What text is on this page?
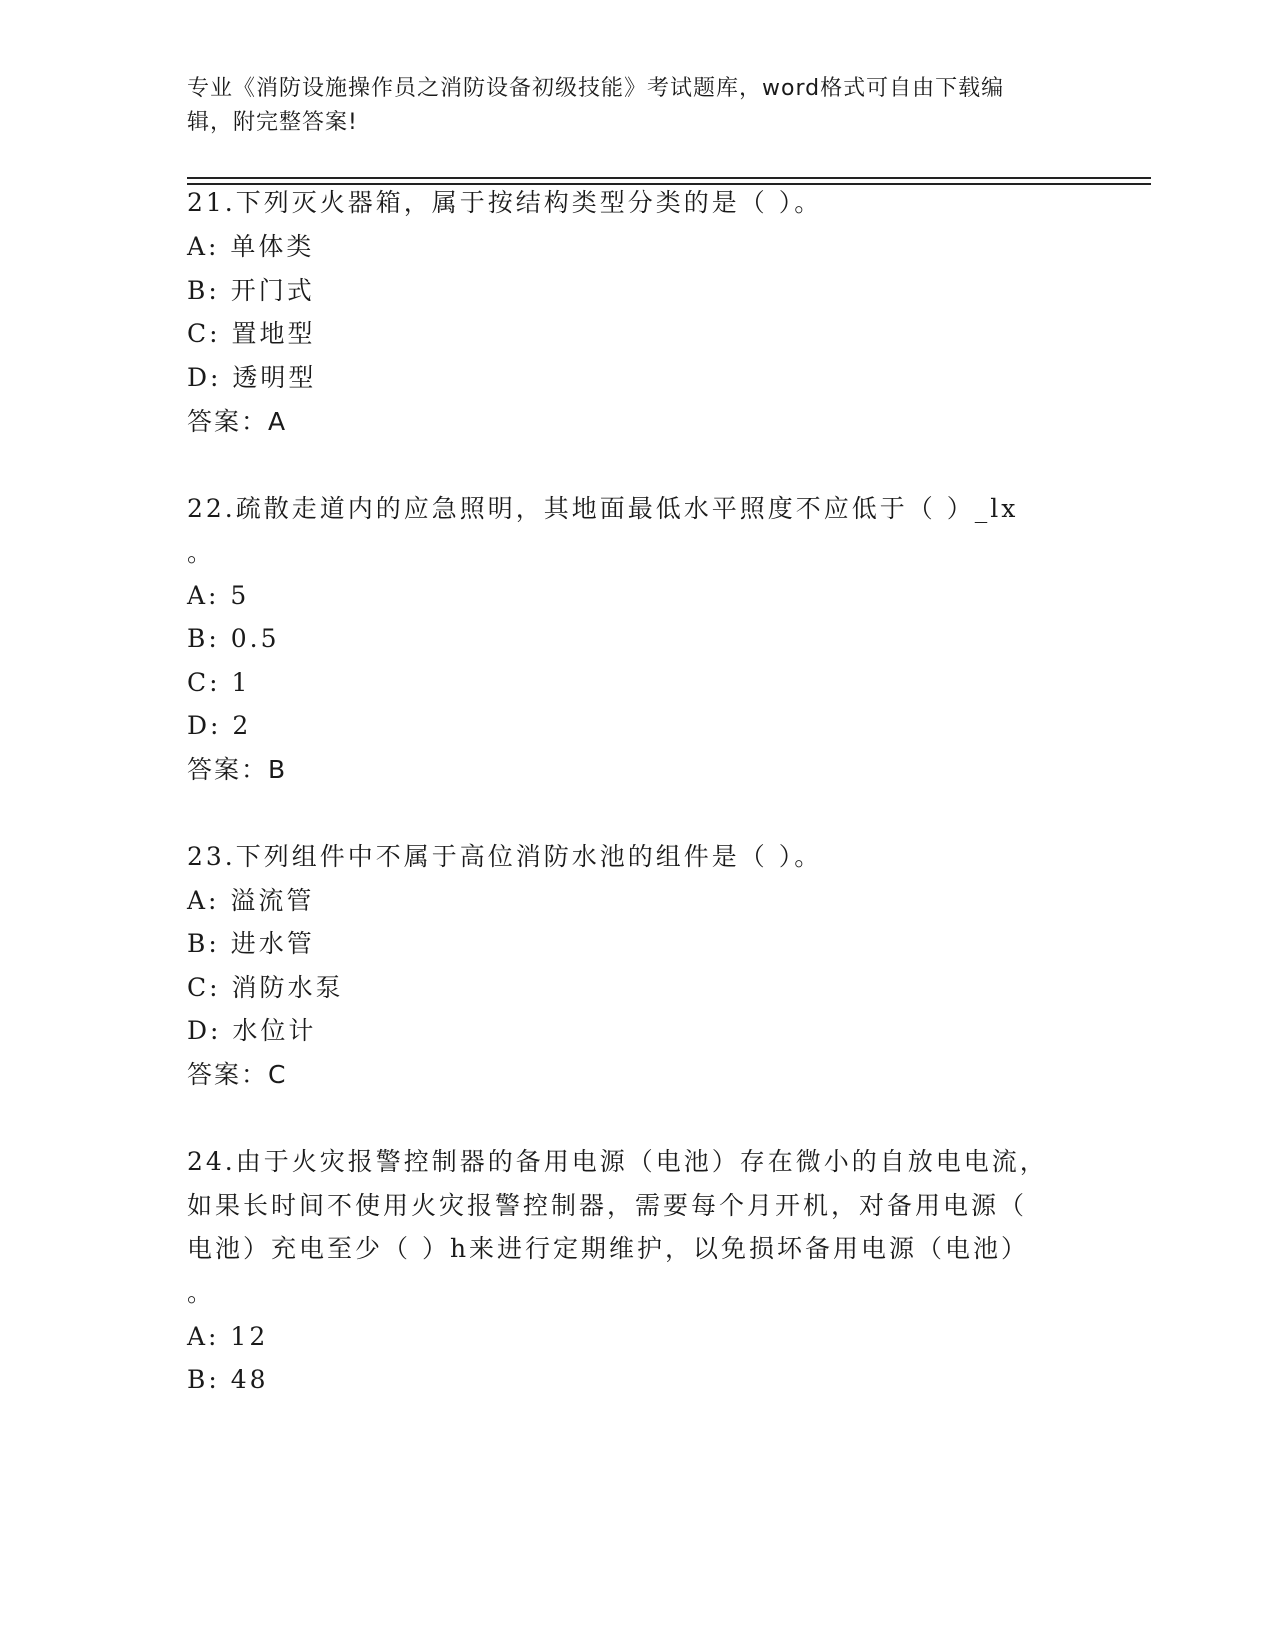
专业《消防设施操作员之消防设备初级技能》考试题库，word格式可自由下载编
辑，附完整答案!
21.下列灭火器箱，属于按结构类型分类的是（ ）。
A: 单体类
B: 开门式
C: 置地型
D: 透明型
答案：A
22.疏散走道内的应急照明，其地面最低水平照度不应低于（ ）_lx
。
A: 5
B: 0.5
C: 1
D: 2
答案：B
23.下列组件中不属于高位消防水池的组件是（ ）。
A: 溢流管
B: 进水管
C: 消防水泵
D: 水位计
答案：C
24.由于火灾报警控制器的备用电源（电池）存在微小的自放电电流，
如果长时间不使用火灾报警控制器，需要每个月开机，对备用电源（
电池）充电至少（ ）h来进行定期维护，以免损坏备用电源（电池）
。
A: 12
B: 48
